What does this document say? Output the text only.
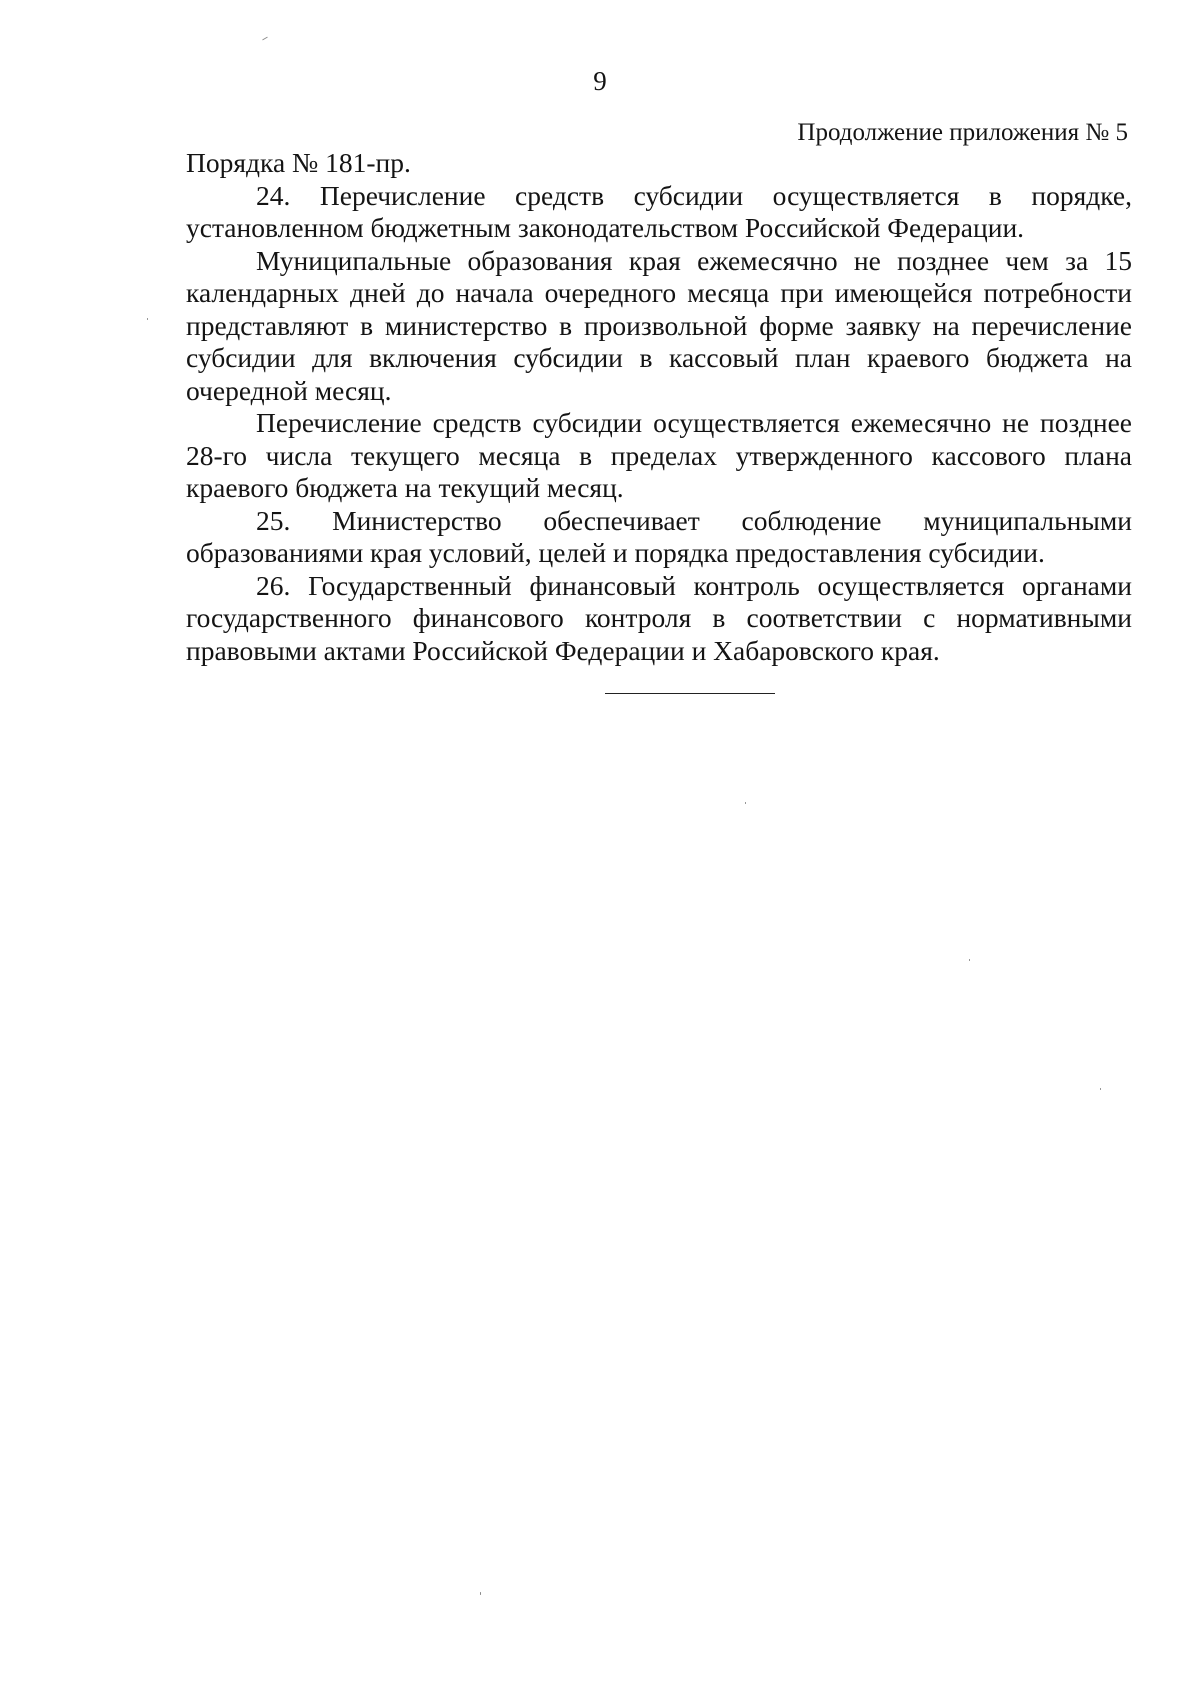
9
Продолжение приложения № 5

Порядка № 181-пр.

24. Перечисление средств субсидии осуществляется в порядке, установленном бюджетным законодательством Российской Федерации.

Муниципальные образования края ежемесячно не позднее чем за 15 календарных дней до начала очередного месяца при имеющейся потребности представляют в министерство в произвольной форме заявку на перечисление субсидии для включения субсидии в кассовый план краевого бюджета на очередной месяц.

Перечисление средств субсидии осуществляется ежемесячно не позднее 28-го числа текущего месяца в пределах утвержденного кассового плана краевого бюджета на текущий месяц.

25. Министерство обеспечивает соблюдение муниципальными образованиями края условий, целей и порядка предоставления субсидии.

26. Государственный финансовый контроль осуществляется органами государственного финансового контроля в соответствии с нормативными правовыми актами Российской Федерации и Хабаровского края.
